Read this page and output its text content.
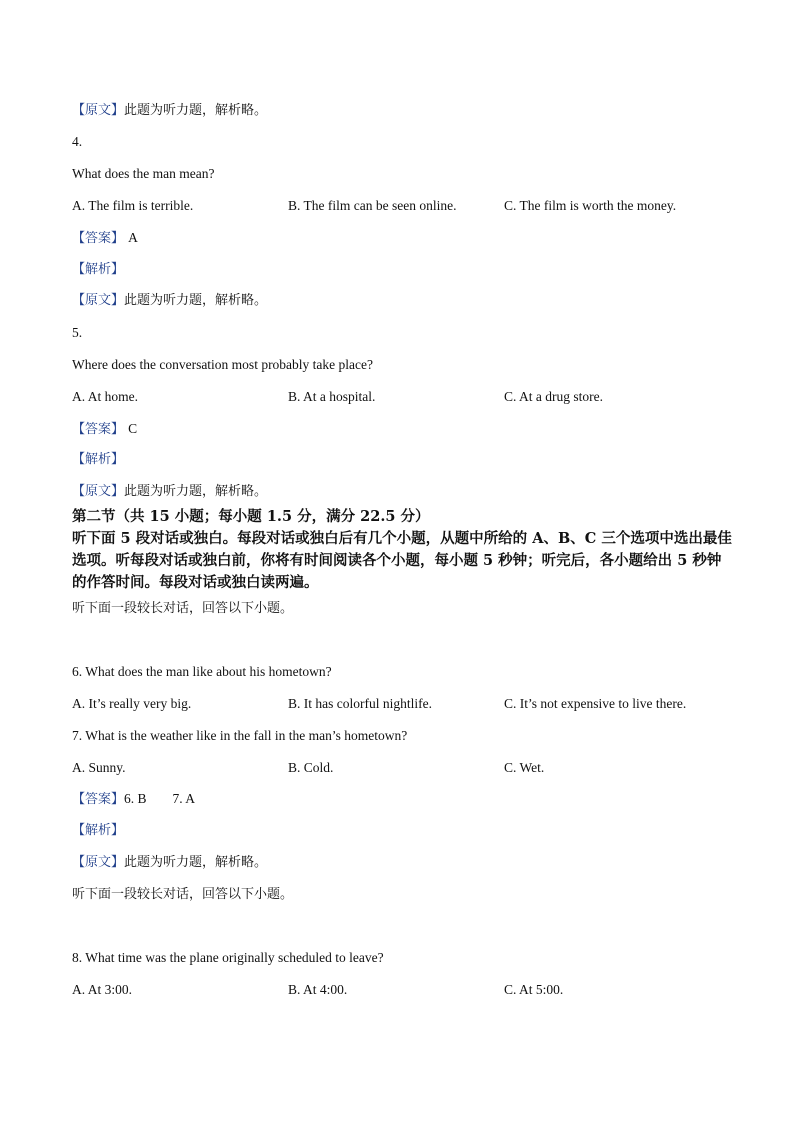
【原文】此题为听力题，解析略。
4.
What does the man mean?
A. The film is terrible.	B. The film can be seen online.	C. The film is worth the money.
【答案】 A
【解析】
【原文】此题为听力题，解析略。
5.
Where does the conversation most probably take place?
A. At home.	B. At a hospital.	C. At a drug store.
【答案】 C
【解析】
【原文】此题为听力题，解析略。
第二节（共 15 小题；每小题 1.5 分，满分 22.5 分）
听下面 5 段对话或独白。每段对话或独白后有几个小题，从题中所给的 A、B、C 三个选项中选出最佳选项。听每段对话或独白前，你将有时间阅读各个小题，每小题 5 秒钟；听完后，各小题给出 5 秒钟的作答时间。每段对话或独白读两遍。
听下面一段较长对话，回答以下小题。
6. What does the man like about his hometown?
A. It’s really very big.	B. It has colorful nightlife.	C. It’s not expensive to live there.
7. What is the weather like in the fall in the man’s hometown?
A. Sunny.	B. Cold.	C. Wet.
【答案】6. B 7. A
【解析】
【原文】此题为听力题，解析略。
听下面一段较长对话，回答以下小题。
8. What time was the plane originally scheduled to leave?
A. At 3:00.	B. At 4:00.	C. At 5:00.
